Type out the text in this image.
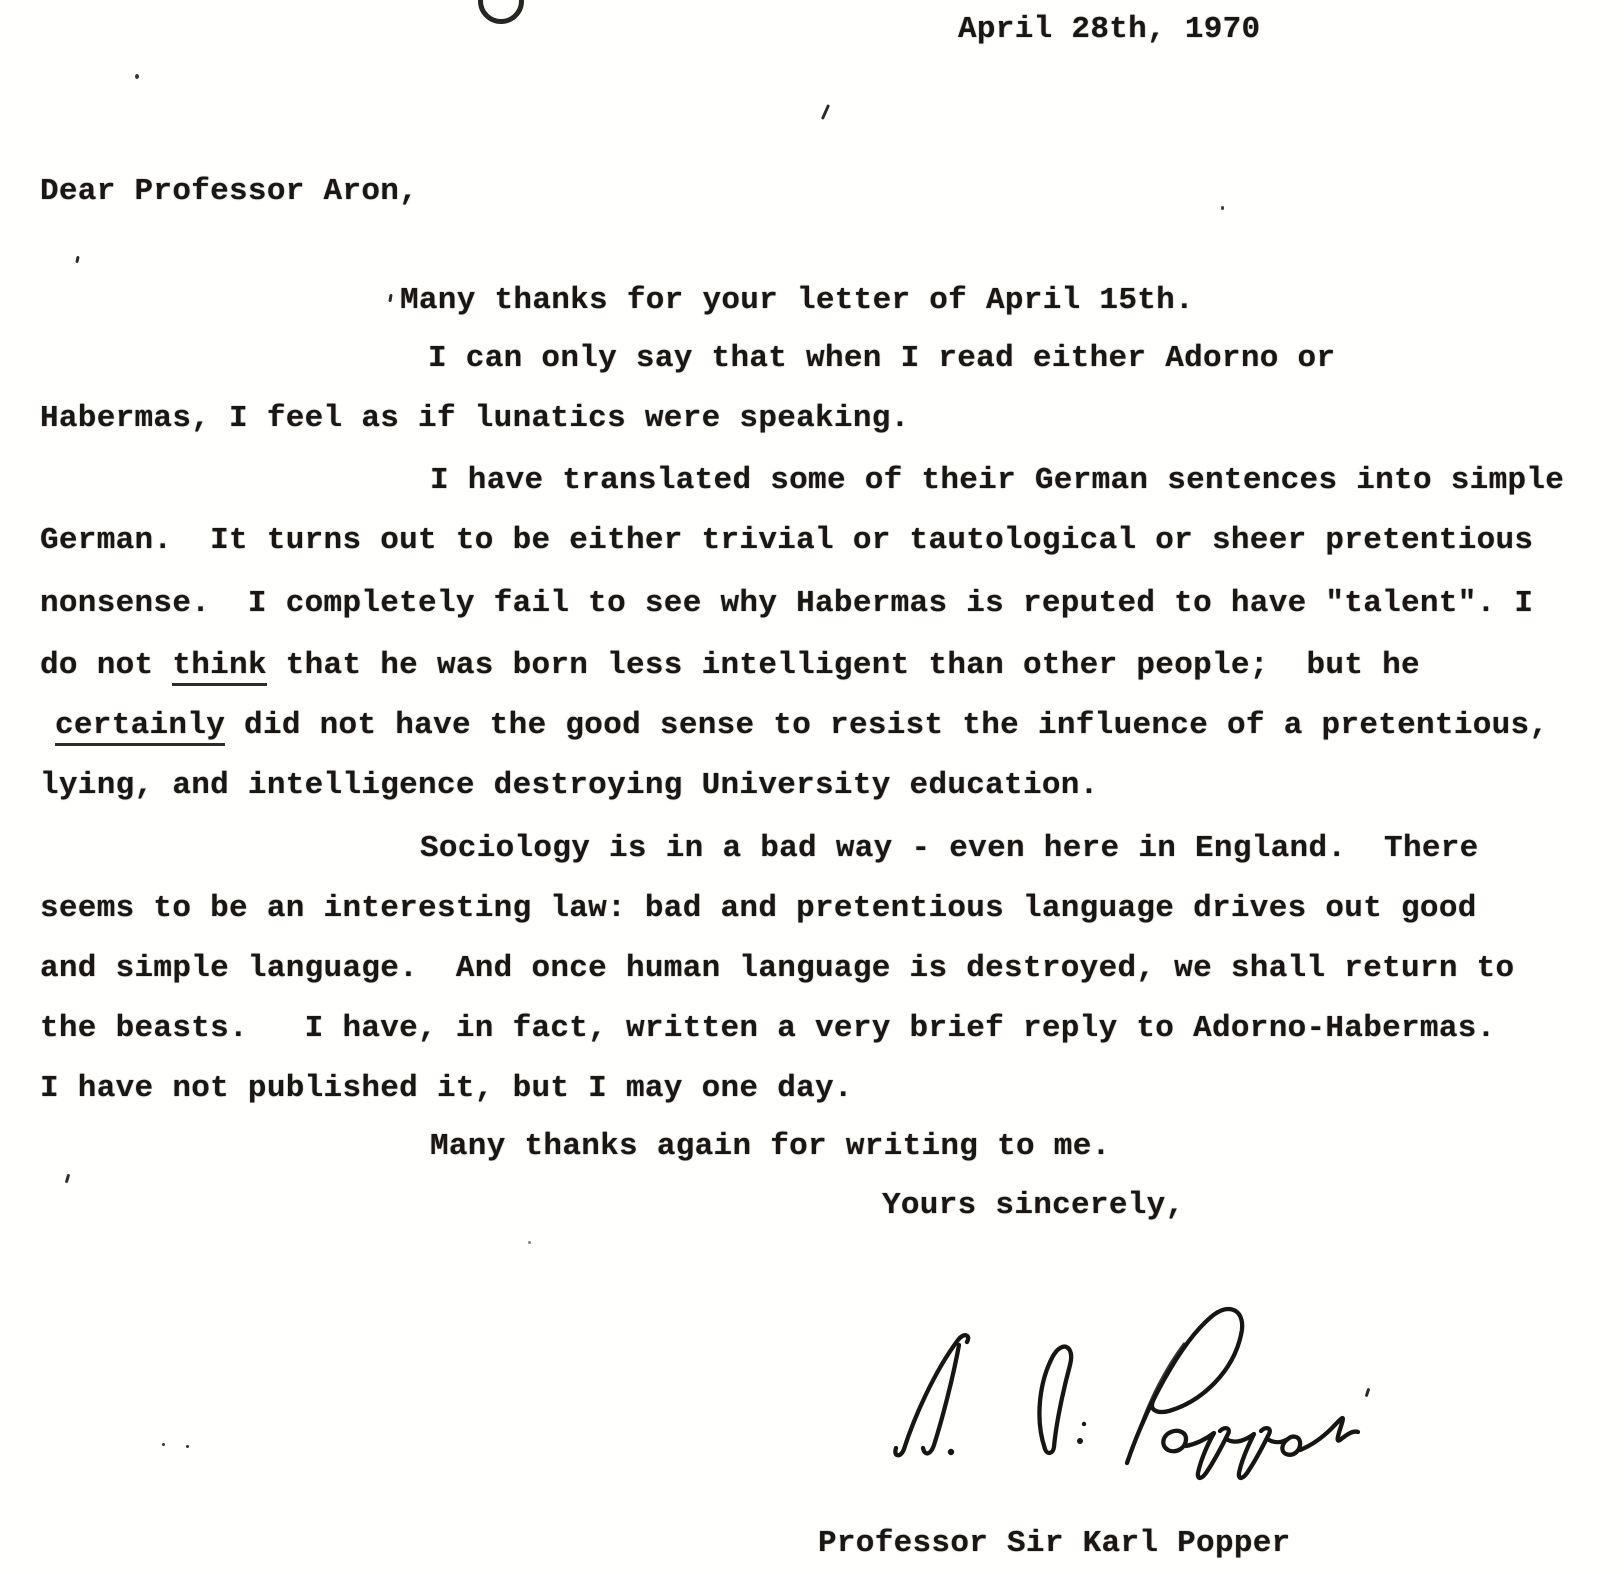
April 28th, 1970
Dear Professor Aron,
Many thanks for your letter of April 15th.
I can only say that when I read either Adorno or
Habermas, I feel as if lunatics were speaking.
I have translated some of their German sentences into simple
German.  It turns out to be either trivial or tautological or sheer pretentious
nonsense.  I completely fail to see why Habermas is reputed to have "talent". I
do not think that he was born less intelligent than other people;  but he
certainly did not have the good sense to resist the influence of a pretentious,
lying, and intelligence destroying University education.
Sociology is in a bad way - even here in England.  There
seems to be an interesting law: bad and pretentious language drives out good
and simple language.  And once human language is destroyed, we shall return to
the beasts.   I have, in fact, written a very brief reply to Adorno-Habermas.
I have not published it, but I may one day.
Many thanks again for writing to me.
Yours sincerely,
Professor Sir Karl Popper
